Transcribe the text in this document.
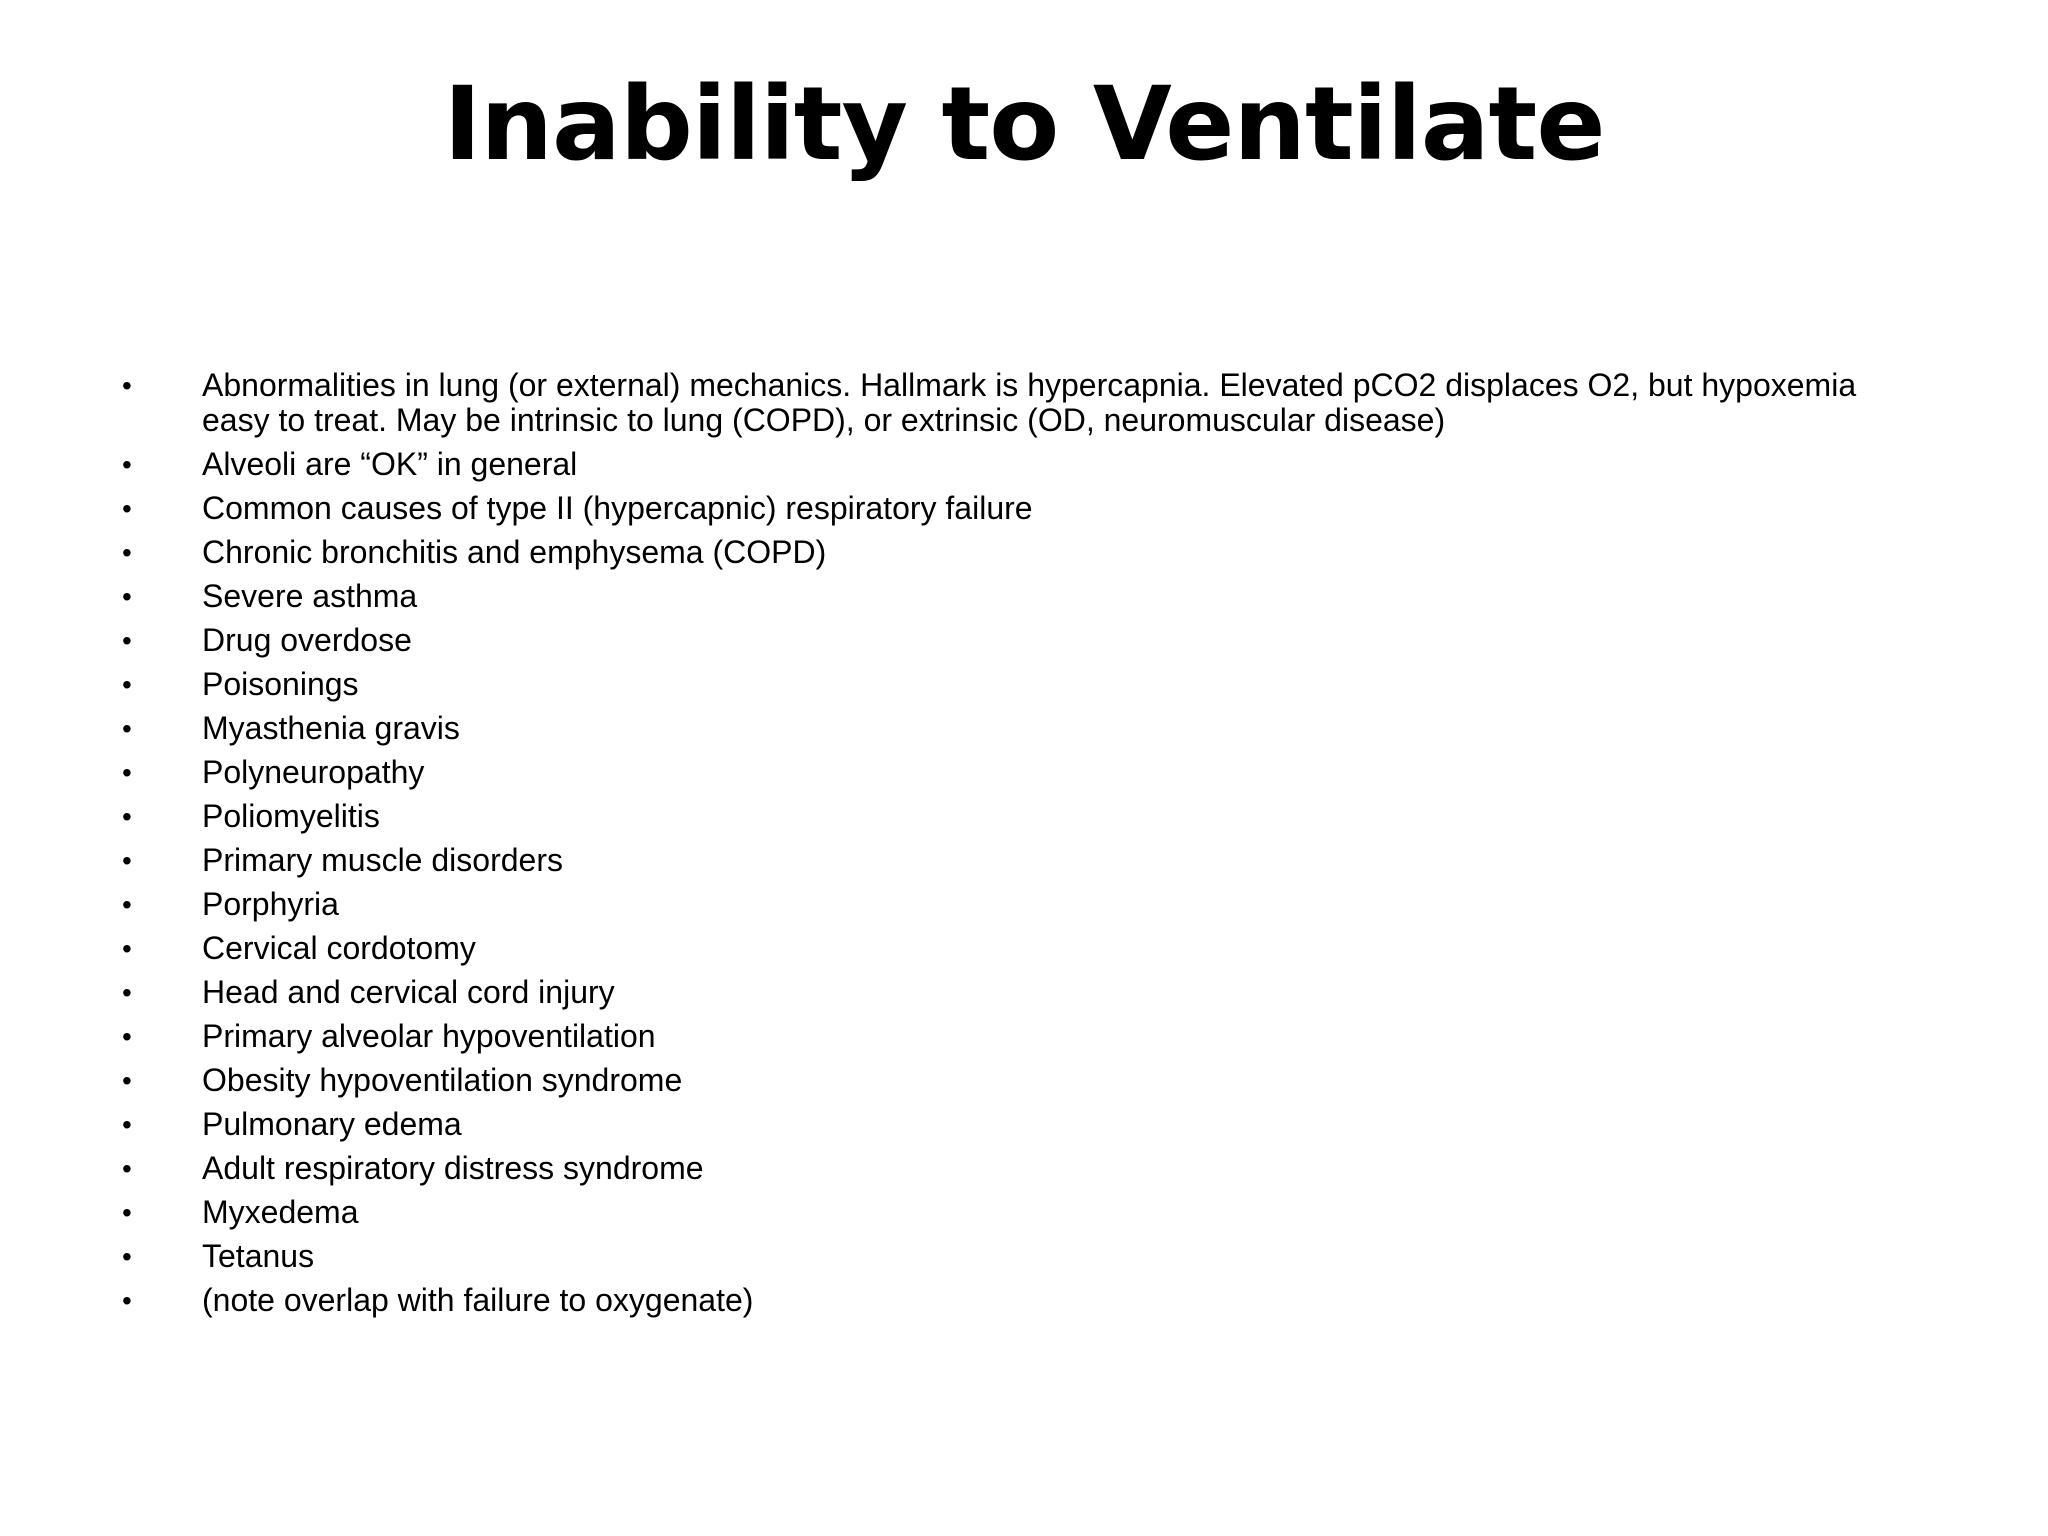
Inability to Ventilate
•	Abnormalities in lung (or external) mechanics. Hallmark is hypercapnia. Elevated pCO2 displaces O2, but hypoxemia easy to treat. May be intrinsic to lung (COPD), or extrinsic (OD, neuromuscular disease)
•	Alveoli are “OK” in general
•	Common causes of type II (hypercapnic) respiratory failure
•	Chronic bronchitis and emphysema (COPD)
•	Severe asthma
•	Drug overdose
•	Poisonings
•	Myasthenia gravis
•	Polyneuropathy
•	Poliomyelitis
•	Primary muscle disorders
•	Porphyria
•	Cervical cordotomy
•	Head and cervical cord injury
•	Primary alveolar hypoventilation
•	Obesity hypoventilation syndrome
•	Pulmonary edema
•	Adult respiratory distress syndrome
•	Myxedema
•	Tetanus
•	(note overlap with failure to oxygenate)
